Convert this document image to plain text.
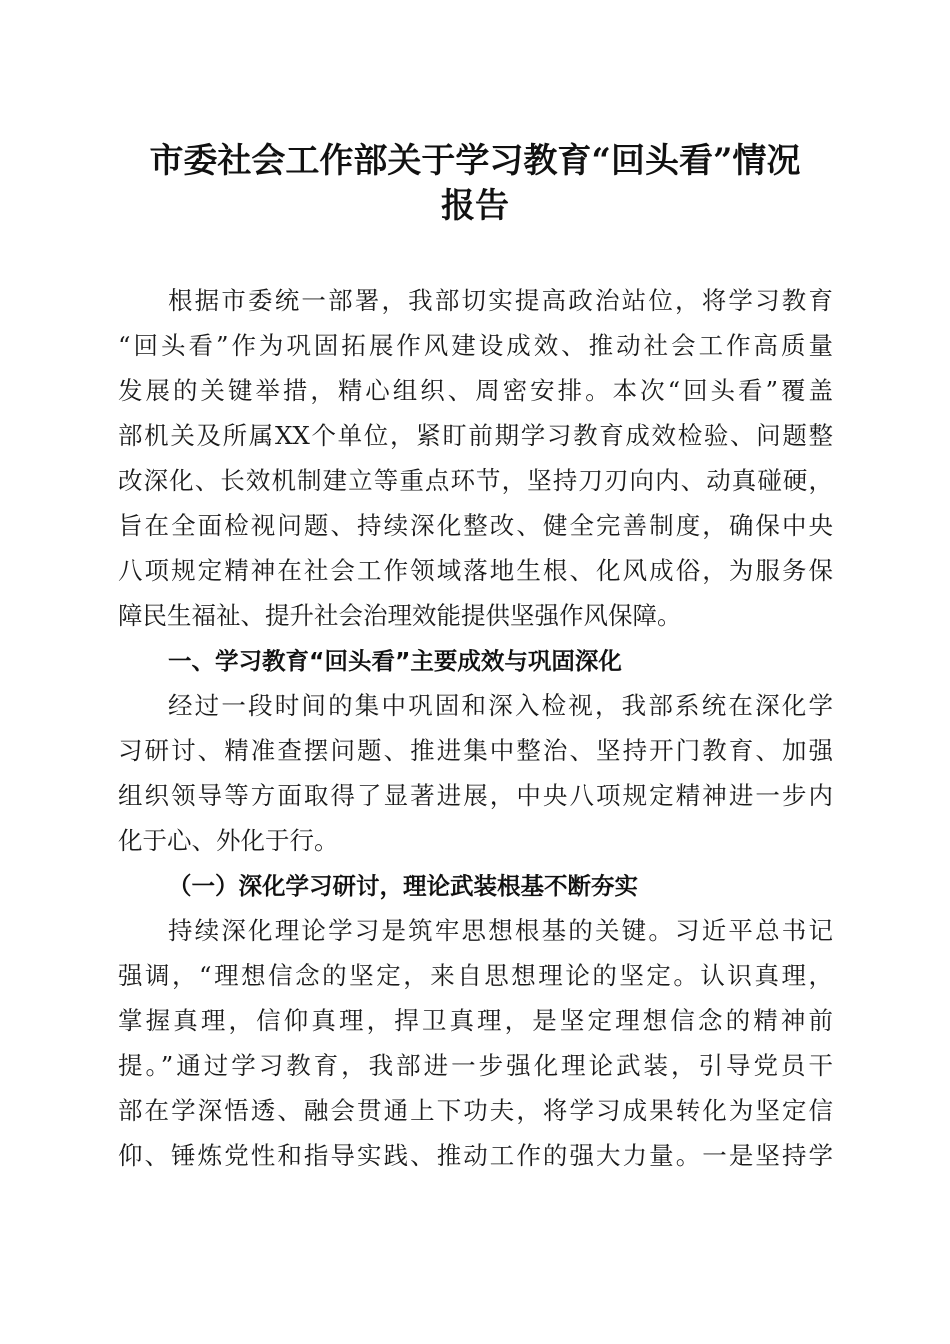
市委社会工作部关于学习教育“回头看”情况
报告
根据市委统一部署，我部切实提高政治站位，将学习教育
“回头看”作为巩固拓展作风建设成效、推动社会工作高质量
发展的关键举措，精心组织、周密安排。本次“回头看”覆盖
部机关及所属XX个单位，紧盯前期学习教育成效检验、问题整
改深化、长效机制建立等重点环节，坚持刀刃向内、动真碰硬，
旨在全面检视问题、持续深化整改、健全完善制度，确保中央
八项规定精神在社会工作领域落地生根、化风成俗，为服务保
障民生福祉、提升社会治理效能提供坚强作风保障。
一、学习教育“回头看”主要成效与巩固深化
经过一段时间的集中巩固和深入检视，我部系统在深化学
习研讨、精准查摆问题、推进集中整治、坚持开门教育、加强
组织领导等方面取得了显著进展，中央八项规定精神进一步内
化于心、外化于行。
（一）深化学习研讨，理论武装根基不断夯实
持续深化理论学习是筑牢思想根基的关键。习近平总书记
强调，“理想信念的坚定，来自思想理论的坚定。认识真理，
掌握真理，信仰真理，捍卫真理，是坚定理想信念的精神前
提。”通过学习教育，我部进一步强化理论武装，引导党员干
部在学深悟透、融会贯通上下功夫，将学习成果转化为坚定信
仰、锤炼党性和指导实践、推动工作的强大力量。一是坚持学
